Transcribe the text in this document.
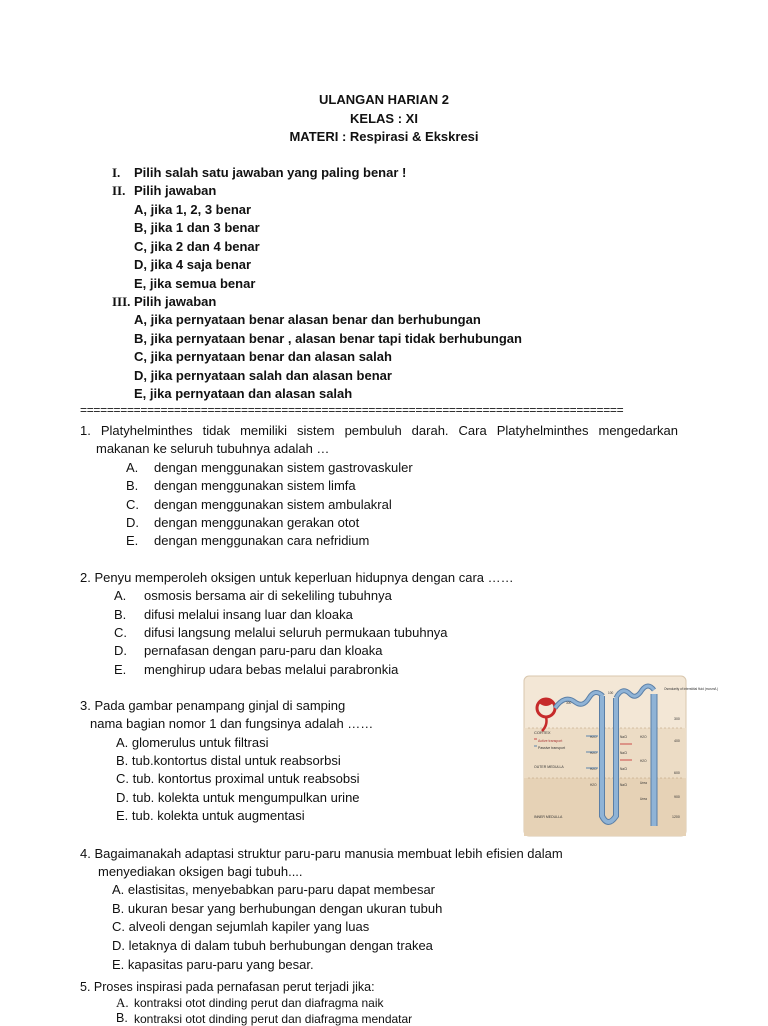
ULANGAN HARIAN 2
KELAS : XI
MATERI : Respirasi & Ekskresi
I. Pilih salah satu jawaban yang paling benar !
II. Pilih jawaban
A, jika 1, 2, 3 benar
B, jika 1 dan 3 benar
C, jika 2 dan 4 benar
D, jika 4 saja benar
E, jika semua benar
III. Pilih jawaban
A, jika pernyataan benar alasan benar dan berhubungan
B, jika pernyataan benar , alasan benar tapi tidak berhubungan
C, jika pernyataan benar dan alasan salah
D, jika pernyataan salah dan alasan benar
E, jika pernyataan dan alasan salah
=================================================================================
1. Platyhelminthes tidak memiliki sistem pembuluh darah. Cara Platyhelminthes mengedarkan
makanan ke seluruh tubuhnya adalah …
A. dengan menggunakan sistem gastrovaskuler
B. dengan menggunakan sistem limfa
C. dengan menggunakan sistem ambulakral
D. dengan menggunakan gerakan otot
E. dengan menggunakan cara nefridium
2. Penyu memperoleh oksigen untuk keperluan hidupnya dengan cara ……
A. osmosis bersama air di sekeliling tubuhnya
B. difusi melalui insang luar dan kloaka
C. difusi langsung melalui seluruh permukaan tubuhnya
D. pernafasan dengan paru-paru dan kloaka
E. menghirup udara bebas melalui parabronkia
3. Pada gambar penampang ginjal di samping
nama bagian nomor 1 dan fungsinya adalah ……
A. glomerulus untuk filtrasi
B. tub.kontortus distal untuk reabsorbsi
C. tub. kontortus proximal untuk reabsobsi
D. tub. kolekta untuk mengumpulkan urine
E. tub. kolekta untuk augmentasi
CORTEX
Active transport
Passive transport
OUTER MEDULLA
INNER MEDULLA
Osmolarity of interstitial fluid (mosm/L)
300
400
600
900
1200
300
100
H2O
H2O
H2O
H2O
NaCl
NaCl
NaCl
NaCl
H2O
H2O
Urea
Urea
4. Bagaimanakah adaptasi struktur paru-paru manusia membuat lebih efisien dalam
menyediakan oksigen bagi tubuh....
A. elastisitas, menyebabkan paru-paru dapat membesar
B. ukuran besar yang berhubungan dengan ukuran tubuh
C. alveoli dengan sejumlah kapiler yang luas
D. letaknya di dalam tubuh berhubungan dengan trakea
E. kapasitas paru-paru yang besar.
5. Proses inspirasi pada pernafasan perut terjadi jika:
A. kontraksi otot dinding perut dan diafragma naik
B. kontraksi otot dinding perut dan diafragma mendatar
